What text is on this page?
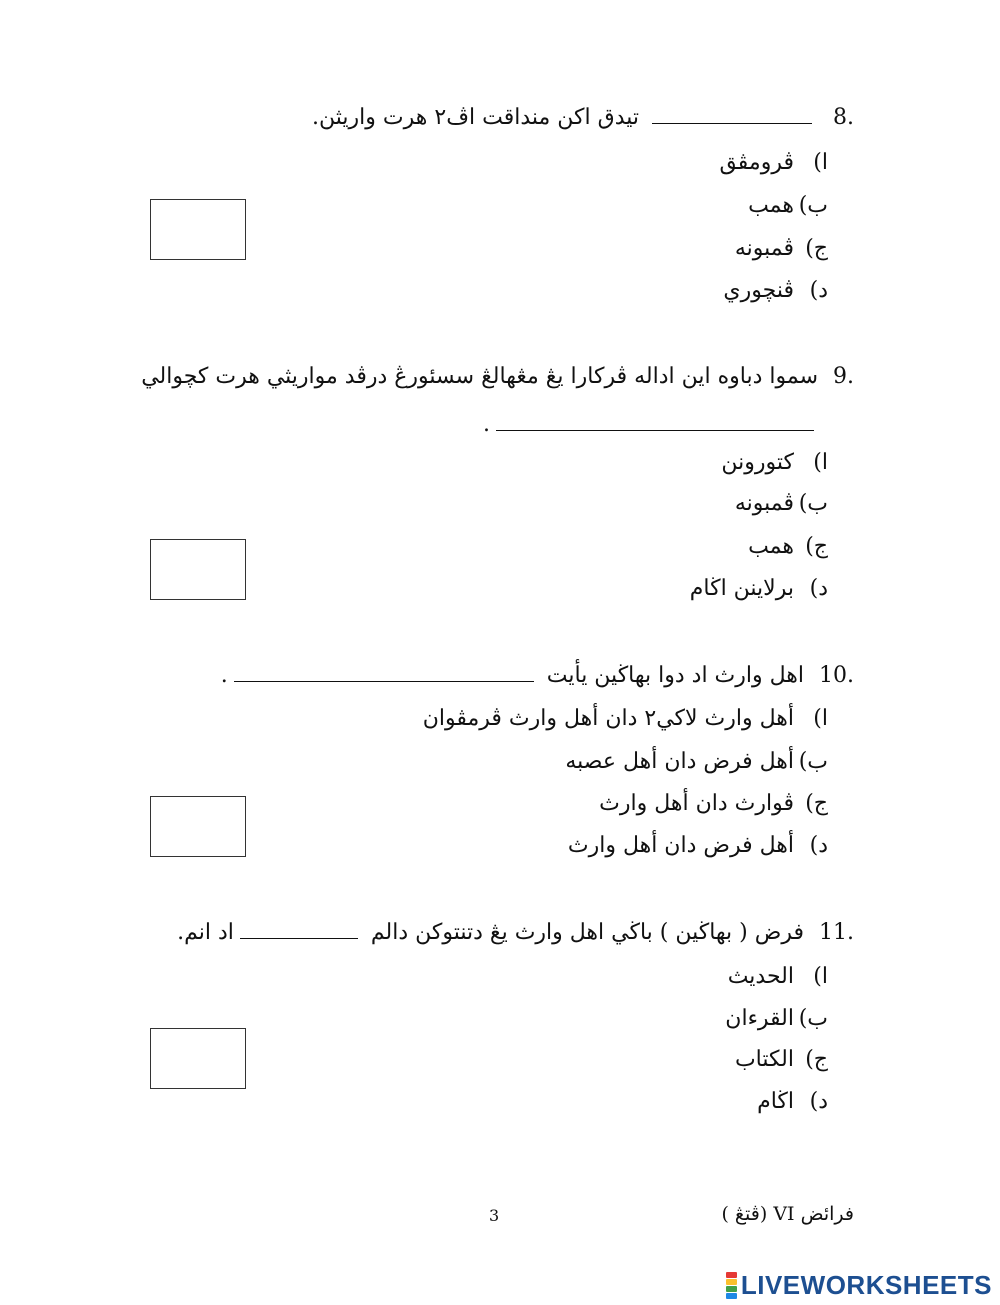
8.  تيدق اكن منداقت اڤ٢ هرت واريثن.
ا)ڤرومڤق
ب)همب
ج)ڤمبونه
د)ڤنچوري
9. سموا دباوه اين اداله ڤركارا يڠ مڠهالڠ سسئورڠ درڤد مواريثي هرت كچوالي
.
ا)كتورونن
ب)ڤمبونه
ج)همب
د)برلاينن اڬام
10. اهل وارث اد دوا بهاڬين يأيت .
ا)أهل وارث لاكي٢ دان أهل وارث ڤرمڤوان
ب)أهل فرض دان أهل عصبه
ج)ڤوارث دان أهل وارث
د)أهل فرض دان أهل وارث
11. فرض ( بهاڬين ) باڬي اهل وارث يڠ دتنتوكن دالم اد انم.
ا)الحديث
ب)القرءان
ج)الكتاب
د)اڬام
فرائض VI (ڤتڠ )
3
LIVEWORKSHEETS
